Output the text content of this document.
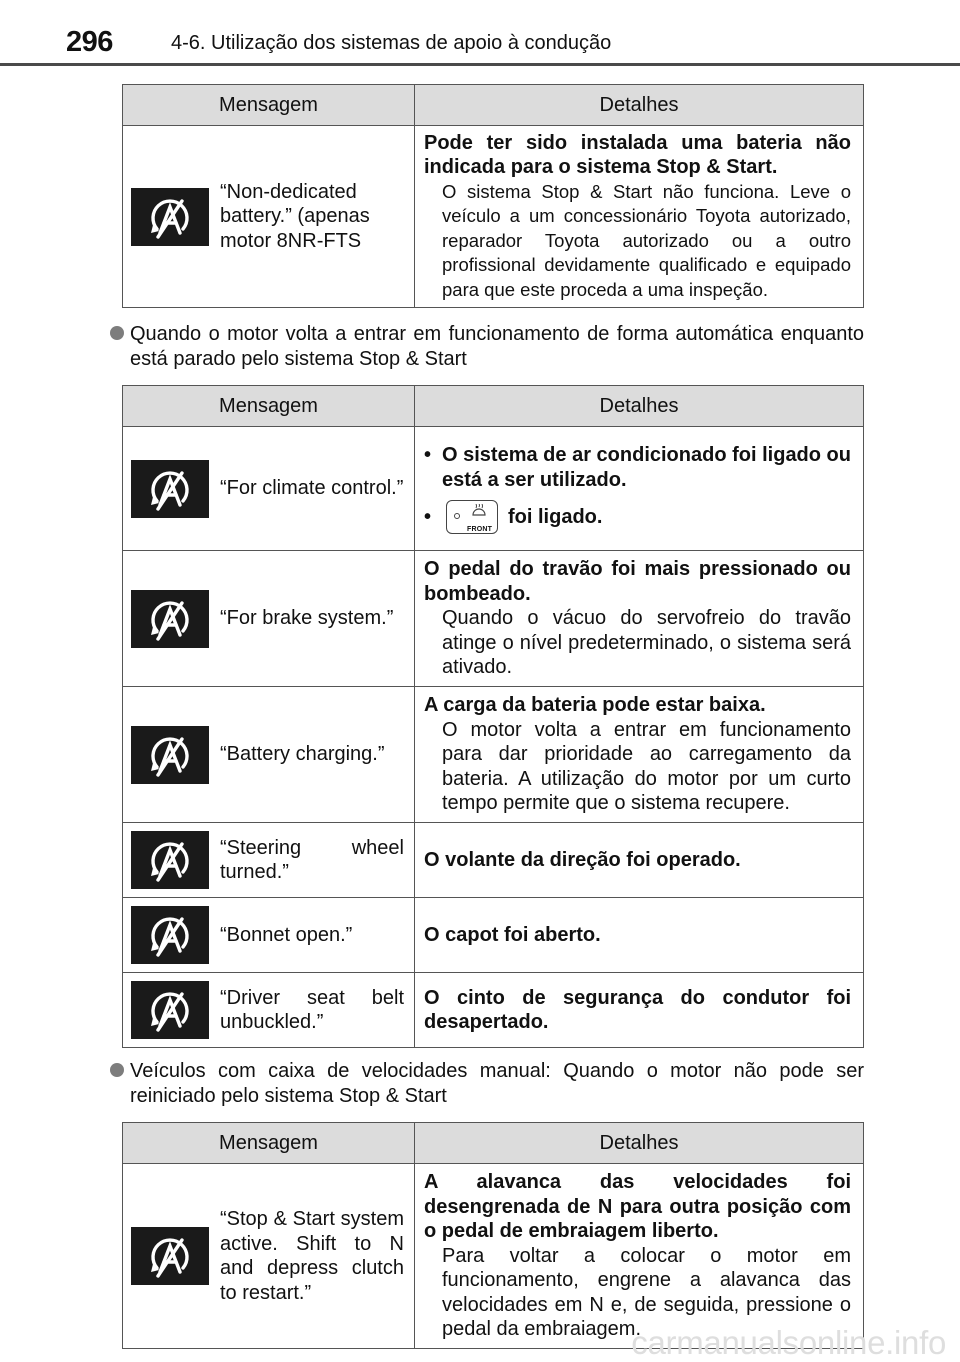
296	4-6. Utilização dos sistemas de apoio à condução
Mensagem	Detalhes

“Non-dedicated battery.” (apenas motor 8NR-FTS	Pode ter sido instalada uma bateria não indicada para o sistema Stop & Start.
O sistema Stop & Start não funciona. Leve o veículo a um concessionário Toyota autorizado, reparador Toyota autorizado ou a outro profissional devidamente qualificado e equipado para que este proceda a uma inspeção.
Quando o motor volta a entrar em funcionamento de forma automática enquanto está parado pelo sistema Stop & Start
Mensagem	Detalhes

“For climate control.”	• O sistema de ar condicionado foi ligado ou está a ser utilizado.
•
FRONT
foi ligado.

“For brake system.”	O pedal do travão foi mais pressionado ou bombeado.
Quando o vácuo do servofreio do travão atinge o nível predeterminado, o sistema será ativado.

“Battery charging.”	A carga da bateria pode estar baixa.
O motor volta a entrar em funcionamento para dar prioridade ao carregamento da bateria. A utilização do motor por um curto tempo permite que o sistema recupere.

“Steering wheel turned.”	O volante da direção foi operado.

“Bonnet open.”	O capot foi aberto.

“Driver seat belt unbuckled.”	O cinto de segurança do condutor foi desapertado.
Veículos com caixa de velocidades manual: Quando o motor não pode ser reiniciado pelo sistema Stop & Start
Mensagem	Detalhes

“Stop & Start system active. Shift to N and depress clutch to restart.”	A alavanca das velocidades foi desengrenada de N para outra posição com o pedal de embraiagem liberto.
Para voltar a colocar o motor em funcionamento, engrene a alavanca das velocidades em N e, de seguida, pressione o pedal da embraiagem.
carmanualsonline.info
